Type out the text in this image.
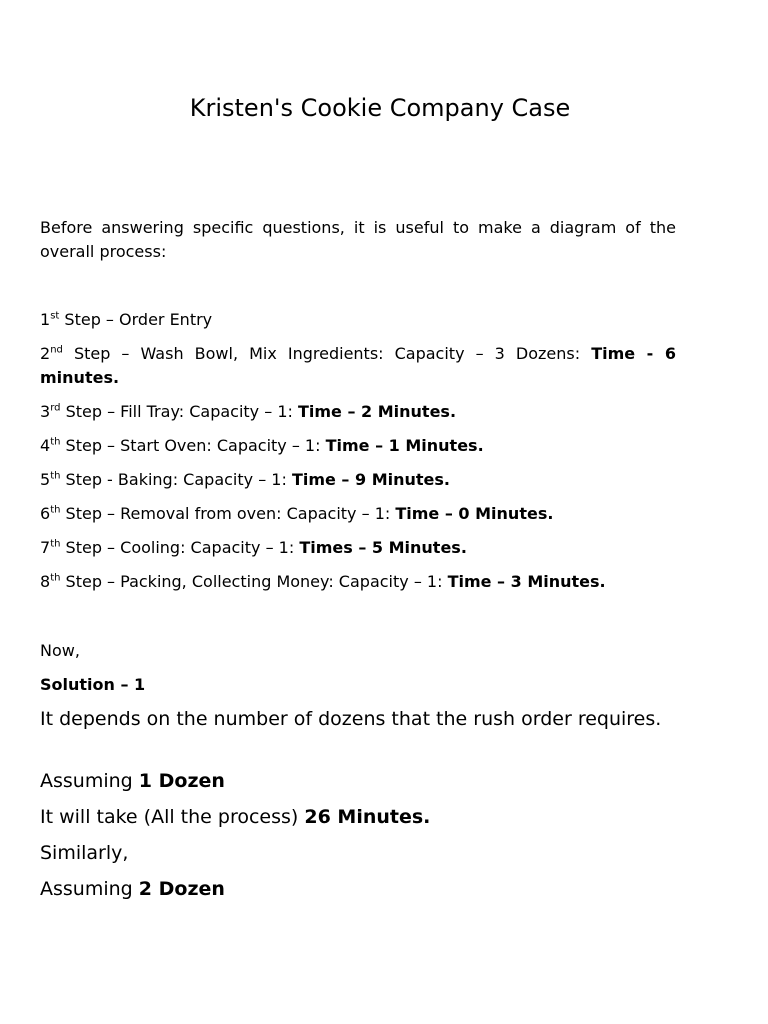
Kristen's Cookie Company Case

Before answering specific questions, it is useful to make a diagram of the overall process:

1st Step – Order Entry
2nd Step – Wash Bowl, Mix Ingredients: Capacity – 3 Dozens: Time - 6 minutes.
3rd Step – Fill Tray: Capacity – 1: Time – 2 Minutes.
4th Step – Start Oven: Capacity – 1: Time – 1 Minutes.
5th Step - Baking: Capacity – 1: Time – 9 Minutes.
6th Step – Removal from oven: Capacity – 1: Time – 0 Minutes.
7th Step – Cooling: Capacity – 1: Times – 5 Minutes.
8th Step – Packing, Collecting Money: Capacity – 1: Time – 3 Minutes.

Now,

Solution – 1

It depends on the number of dozens that the rush order requires.

Assuming 1 Dozen

It will take (All the process) 26 Minutes.

Similarly,

Assuming 2 Dozen
